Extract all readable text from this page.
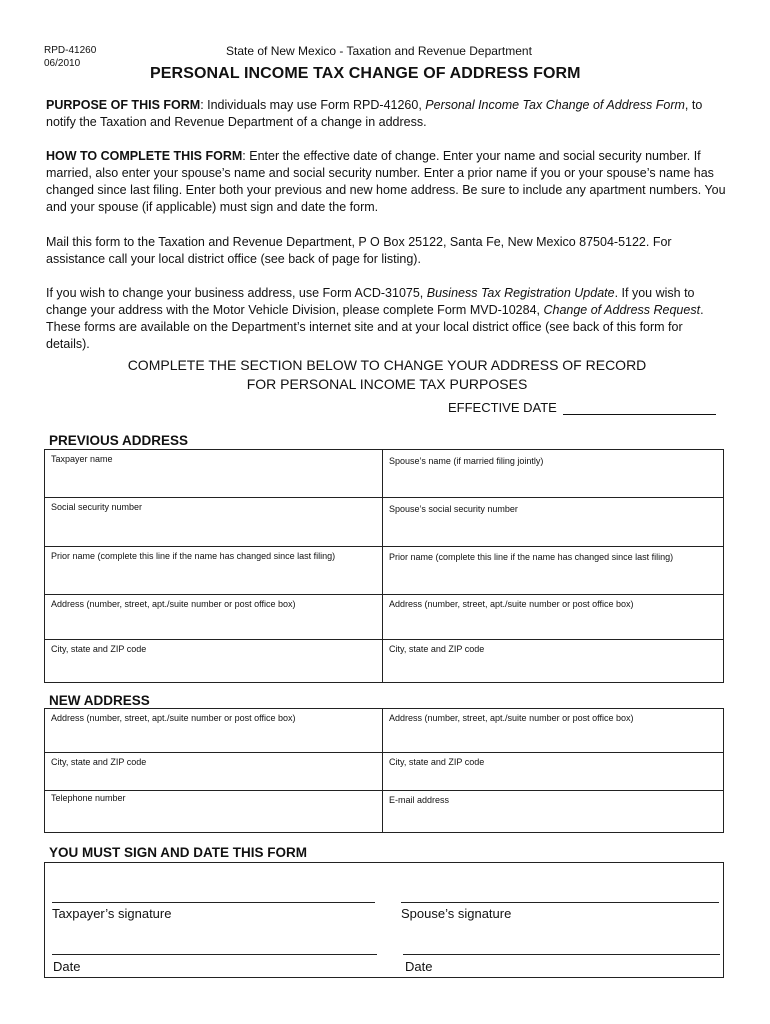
RPD-41260
06/2010
State of New Mexico - Taxation and Revenue Department
PERSONAL INCOME TAX CHANGE OF ADDRESS FORM

PURPOSE OF THIS FORM: Individuals may use Form RPD-41260, Personal Income Tax Change of Address Form, to notify the Taxation and Revenue Department of a change in address.

HOW TO COMPLETE THIS FORM: Enter the effective date of change. Enter your name and social security number. If married, also enter your spouse’s name and social security number. Enter a prior name if you or your spouse’s name has changed since last filing. Enter both your previous and new home address. Be sure to include any apartment numbers. You and your spouse (if applicable) must sign and date the form.

Mail this form to the Taxation and Revenue Department, P O Box 25122, Santa Fe, New Mexico 87504-5122. For assistance call your local district office (see back of page for listing).

If you wish to change your business address, use Form ACD-31075, Business Tax Registration Update. If you wish to change your address with the Motor Vehicle Division, please complete Form MVD-10284, Change of Address Request. These forms are available on the Department’s internet site and at your local district office (see back of this form for details).

COMPLETE THE SECTION BELOW TO CHANGE YOUR ADDRESS OF RECORD
FOR PERSONAL INCOME TAX PURPOSES
EFFECTIVE DATE
PREVIOUS ADDRESS
Taxpayer name	Spouse’s name (if married filing jointly)
Social security number	Spouse’s social security number
Prior name (complete this line if the name has changed since last filing)	Prior name (complete this line if the name has changed since last filing)
Address (number, street, apt./suite number or post office box)	Address (number, street, apt./suite number or post office box)
City, state and ZIP code	City, state and ZIP code
NEW ADDRESS
Address (number, street, apt./suite number or post office box)	Address (number, street, apt./suite number or post office box)
City, state and ZIP code	City, state and ZIP code
Telephone number	E-mail address
YOU MUST SIGN AND DATE THIS FORM
Taxpayer’s signature	Spouse’s signature
Date	Date
